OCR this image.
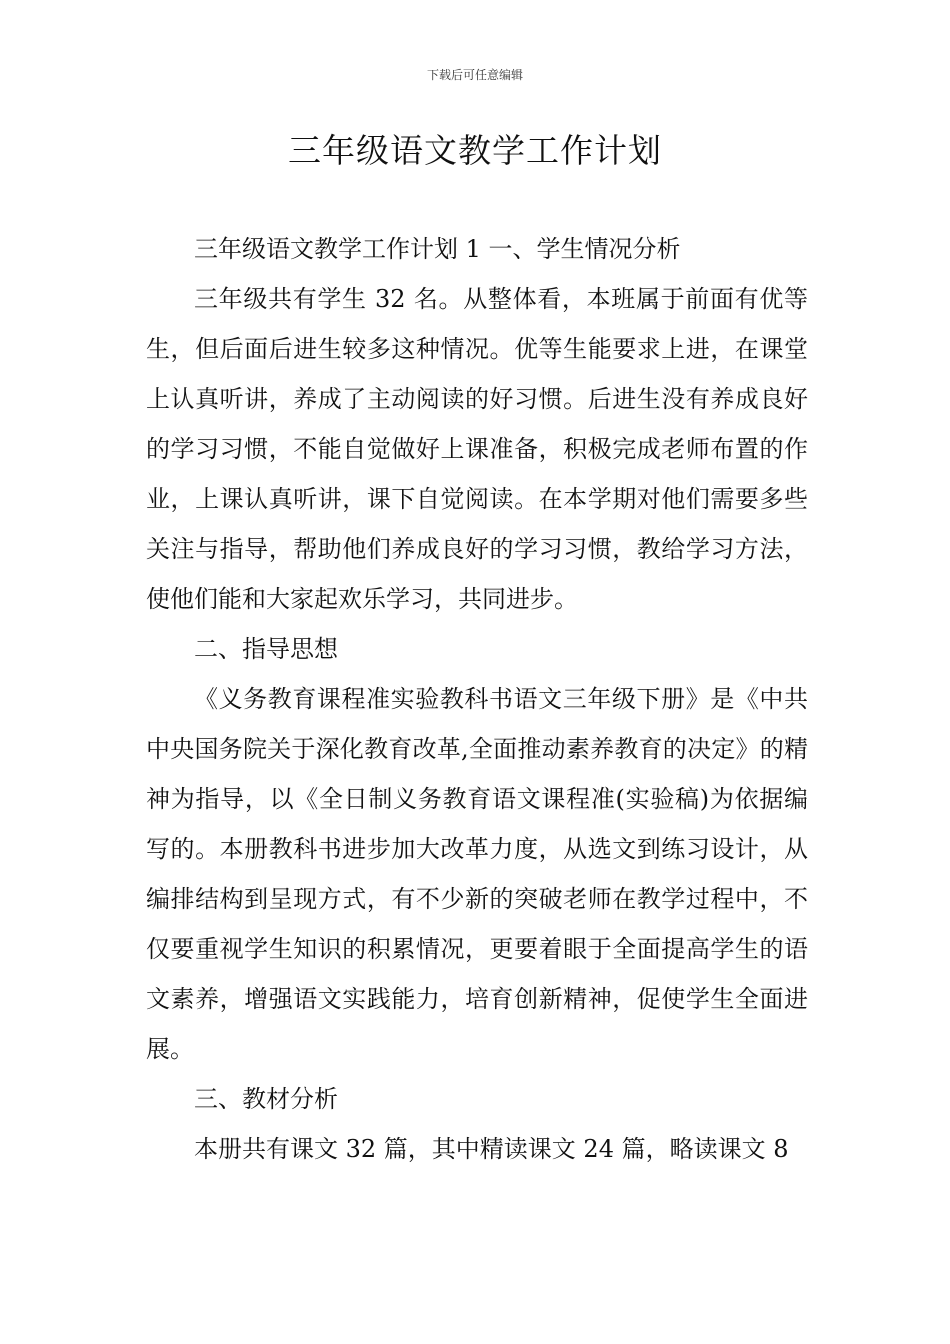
下载后可任意编辑
三年级语文教学工作计划

三年级语文教学工作计划 1 一、学生情况分析

三年级共有学生 32 名。从整体看，本班属于前面有优等生，但后面后进生较多这种情况。优等生能要求上进，在课堂上认真听讲，养成了主动阅读的好习惯。后进生没有养成良好的学习习惯，不能自觉做好上课准备，积极完成老师布置的作业，上课认真听讲，课下自觉阅读。在本学期对他们需要多些关注与指导，帮助他们养成良好的学习习惯，教给学习方法，使他们能和大家起欢乐学习，共同进步。

二、指导思想

《义务教育课程准实验教科书语文三年级下册》是《中共中央国务院关于深化教育改革,全面推动素养教育的决定》的精神为指导，以《全日制义务教育语文课程准(实验稿)为依据编写的。本册教科书进步加大改革力度，从选文到练习设计，从编排结构到呈现方式，有不少新的突破老师在教学过程中，不仅要重视学生知识的积累情况，更要着眼于全面提高学生的语文素养，增强语文实践能力，培育创新精神，促使学生全面进展。

三、教材分析

本册共有课文 32 篇，其中精读课文 24 篇，略读课文 8
